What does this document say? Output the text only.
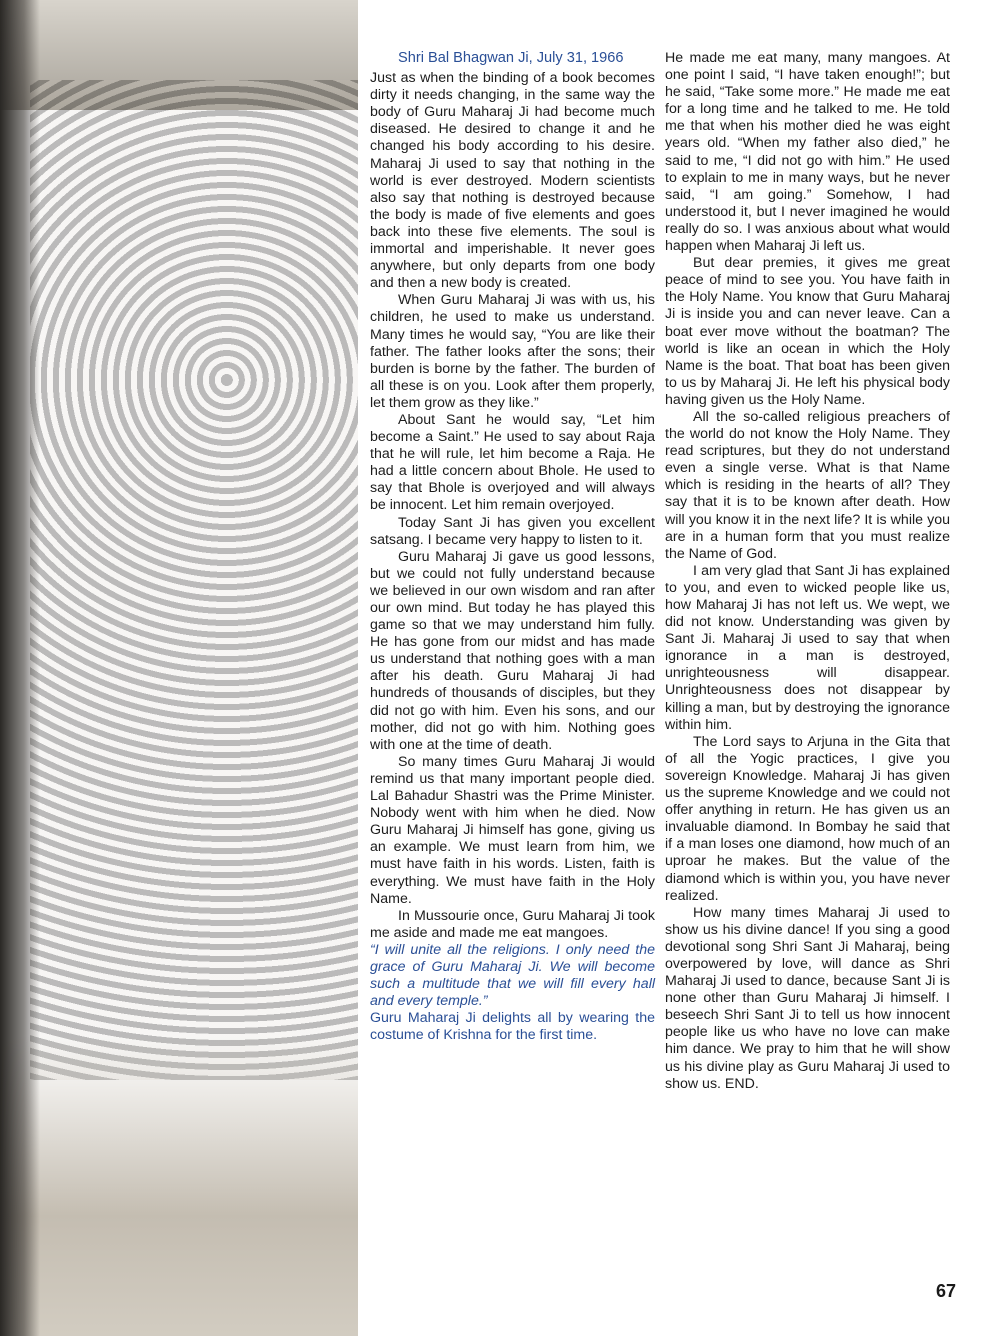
Shri Bal Bhagwan Ji, July 31, 1966

Just as when the binding of a book becomes dirty it needs changing, in the same way the body of Guru Maharaj Ji had become much diseased. He desired to change it and he changed his body according to his desire. Maharaj Ji used to say that nothing in the world is ever destroyed. Modern scientists also say that nothing is destroyed because the body is made of five elements and goes back into these five elements. The soul is immortal and imperishable. It never goes anywhere, but only departs from one body and then a new body is created.

When Guru Maharaj Ji was with us, his children, he used to make us understand. Many times he would say, “You are like their father. The father looks after the sons; their burden is borne by the father. The burden of all these is on you. Look after them properly, let them grow as they like.”

About Sant he would say, “Let him become a Saint.” He used to say about Raja that he will rule, let him become a Raja. He had a little concern about Bhole. He used to say that Bhole is overjoyed and will always be innocent. Let him remain overjoyed.

Today Sant Ji has given you excellent satsang. I became very happy to listen to it.

Guru Maharaj Ji gave us good lessons, but we could not fully understand because we believed in our own wisdom and ran after our own mind. But today he has played this game so that we may understand him fully. He has gone from our midst and has made us understand that nothing goes with a man after his death. Guru Maharaj Ji had hundreds of thousands of disciples, but they did not go with him. Even his sons, and our mother, did not go with him. Nothing goes with one at the time of death.

So many times Guru Maharaj Ji would remind us that many important people died. Lal Bahadur Shastri was the Prime Minister. Nobody went with him when he died. Now Guru Maharaj Ji himself has gone, giving us an example. We must learn from him, we must have faith in his words. Listen, faith is everything. We must have faith in the Holy Name.

In Mussourie once, Guru Maharaj Ji took me aside and made me eat mangoes.

“I will unite all the religions. I only need the grace of Guru Maharaj Ji. We will become such a multitude that we will fill every hall and every temple.”

Guru Maharaj Ji delights all by wearing the costume of Krishna for the first time.

He made me eat many, many mangoes. At one point I said, “I have taken enough!”; but he said, “Take some more.” He made me eat for a long time and he talked to me. He told me that when his mother died he was eight years old. “When my father also died,” he said to me, “I did not go with him.” He used to explain to me in many ways, but he never said, “I am going.” Somehow, I had understood it, but I never imagined he would really do so. I was anxious about what would happen when Maharaj Ji left us.

But dear premies, it gives me great peace of mind to see you. You have faith in the Holy Name. You know that Guru Maharaj Ji is inside you and can never leave. Can a boat ever move without the boatman? The world is like an ocean in which the Holy Name is the boat. That boat has been given to us by Maharaj Ji. He left his physical body having given us the Holy Name.

All the so-called religious preachers of the world do not know the Holy Name. They read scriptures, but they do not understand even a single verse. What is that Name which is residing in the hearts of all? They say that it is to be known after death. How will you know it in the next life? It is while you are in a human form that you must realize the Name of God.

I am very glad that Sant Ji has explained to you, and even to wicked people like us, how Maharaj Ji has not left us. We wept, we did not know. Understanding was given by Sant Ji. Maharaj Ji used to say that when ignorance in a man is destroyed, unrighteousness will disappear. Unrighteousness does not disappear by killing a man, but by destroying the ignorance within him.

The Lord says to Arjuna in the Gita that of all the Yogic practices, I give you sovereign Knowledge. Maharaj Ji has given us the supreme Knowledge and we could not offer anything in return. He has given us an invaluable diamond. In Bombay he said that if a man loses one diamond, how much of an uproar he makes. But the value of the diamond which is within you, you have never realized.

How many times Maharaj Ji used to show us his divine dance! If you sing a good devotional song Shri Sant Ji Maharaj, being overpowered by love, will dance as Shri Maharaj Ji used to dance, because Sant Ji is none other than Guru Maharaj Ji himself. I beseech Shri Sant Ji to tell us how innocent people like us who have no love can make him dance. We pray to him that he will show us his divine play as Guru Maharaj Ji used to show us. END.

67
